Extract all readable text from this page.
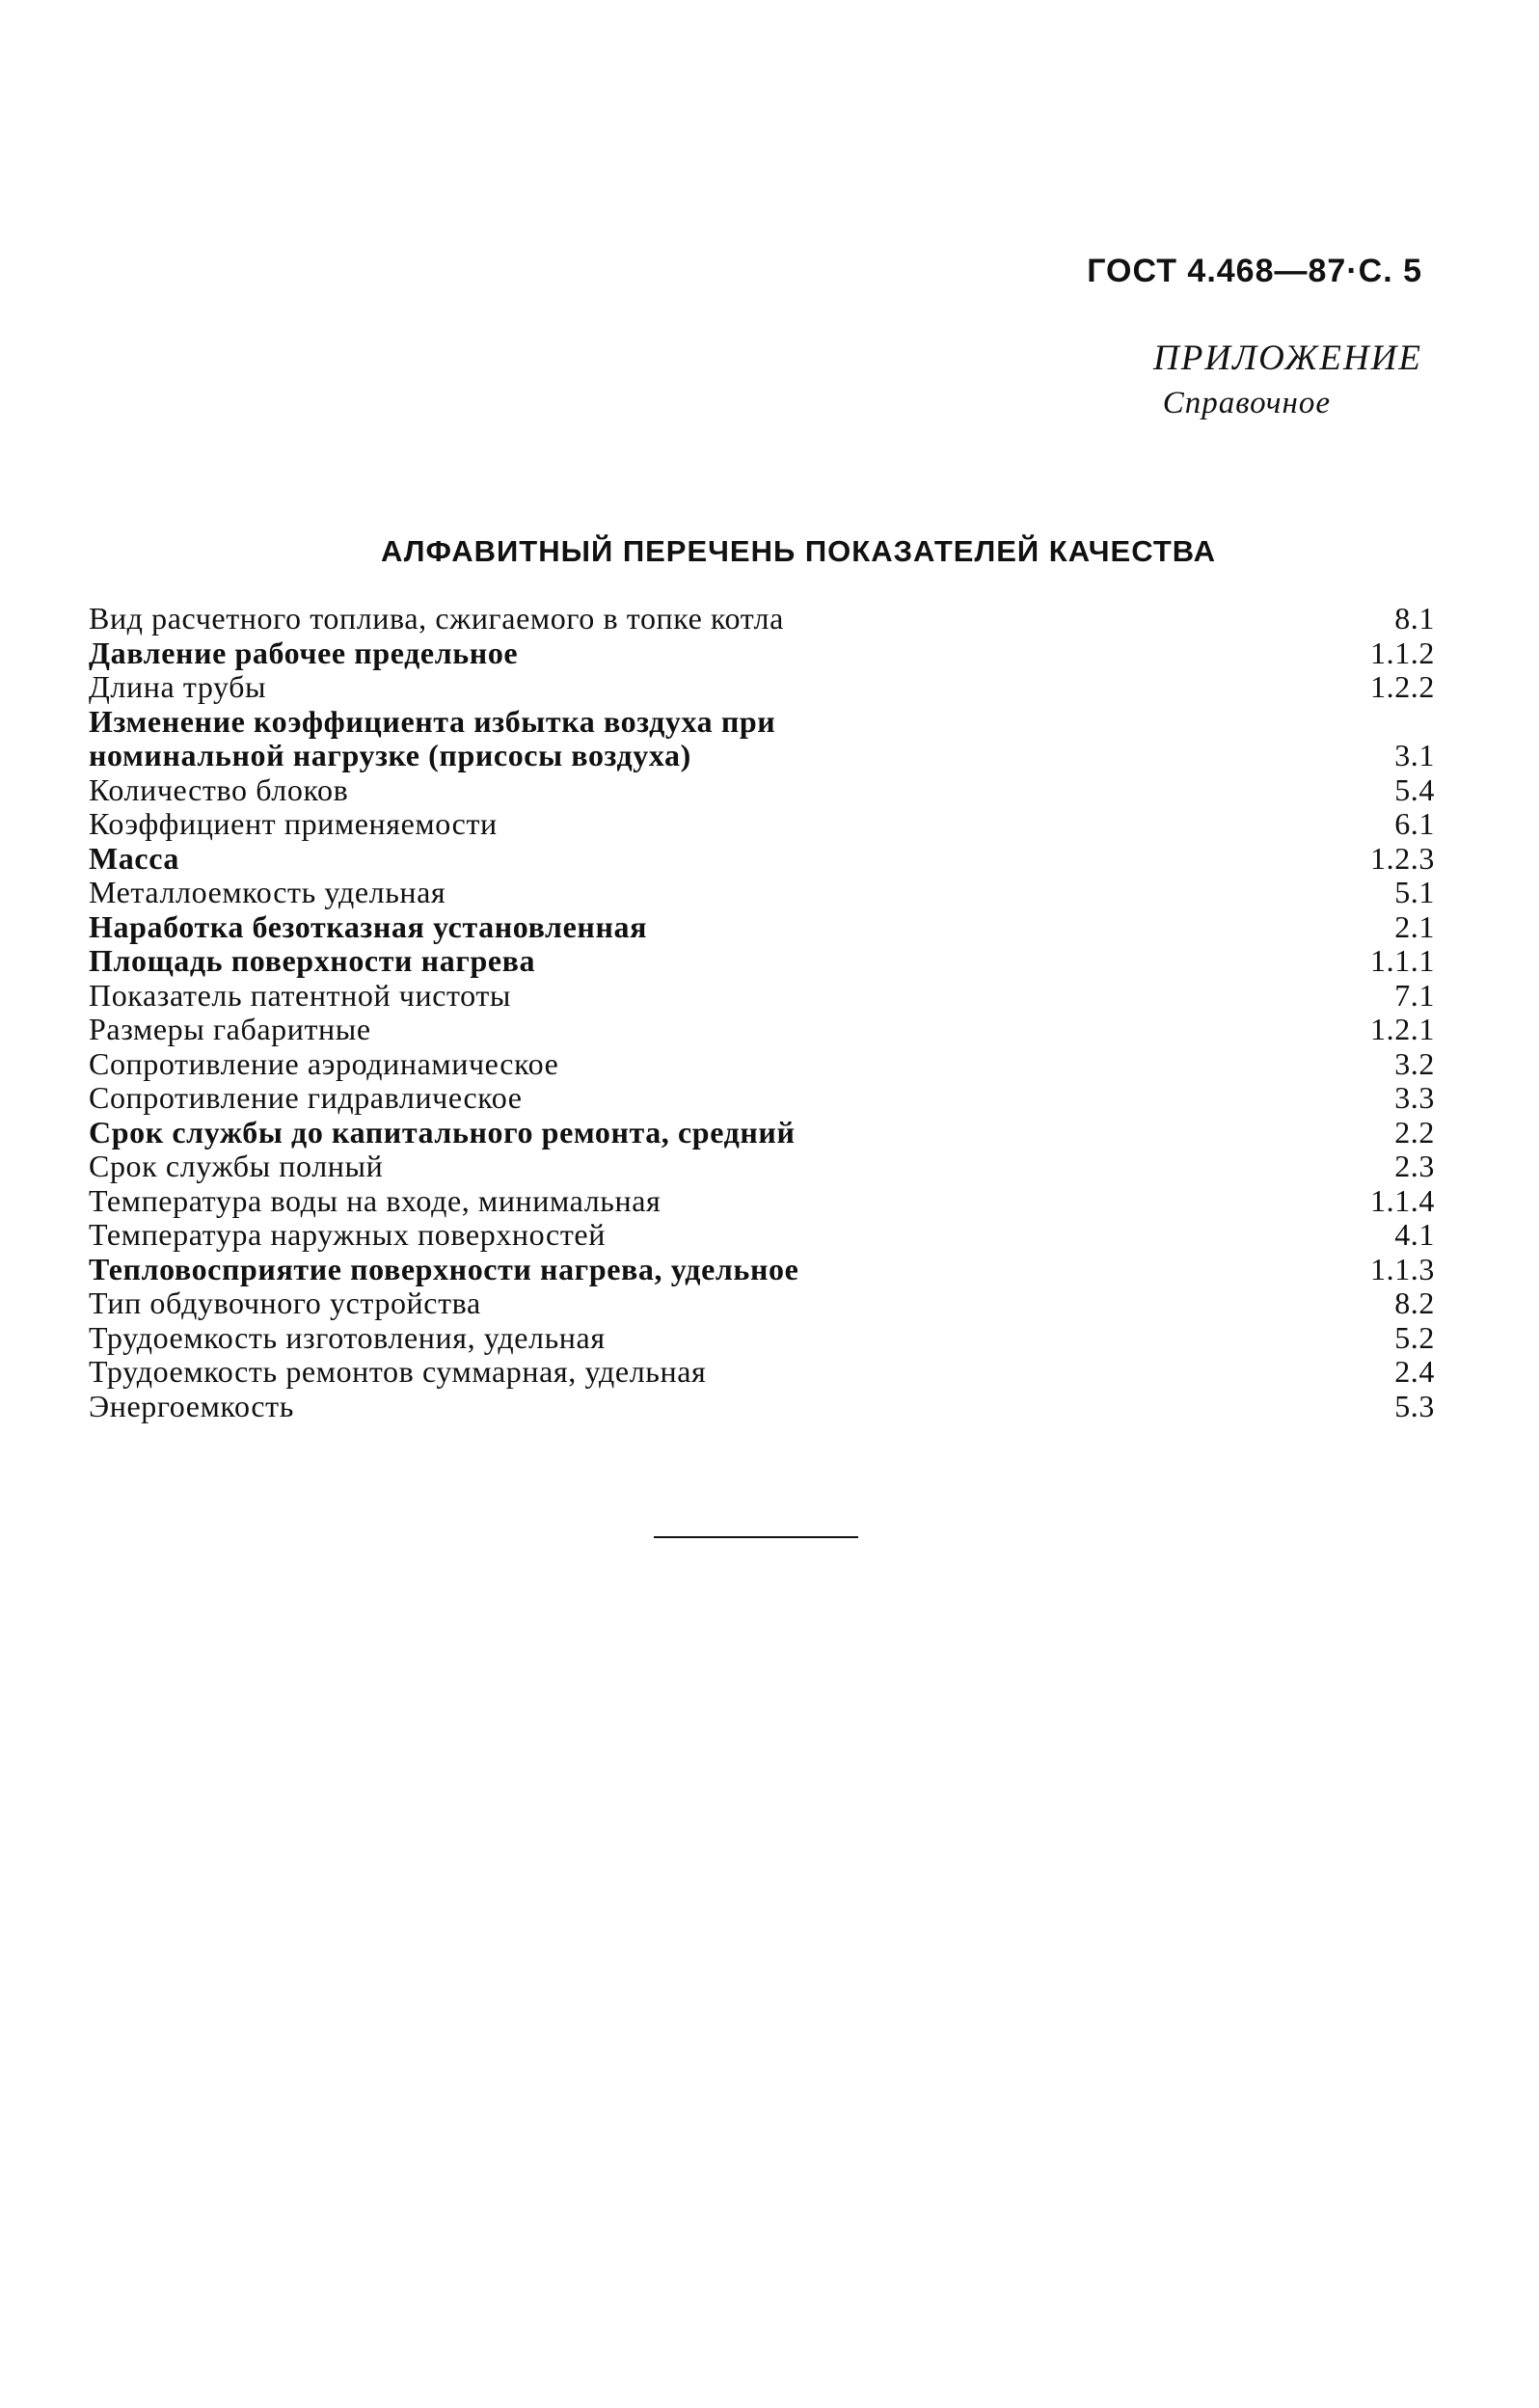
ГОСТ 4.468—87·С. 5
ПРИЛОЖЕНИЕ
Справочное
АЛФАВИТНЫЙ ПЕРЕЧЕНЬ ПОКАЗАТЕЛЕЙ КАЧЕСТВА
Вид расчетного топлива, сжигаемого в топке котла	8.1
Давление рабочее предельное	1.1.2
Длина трубы	1.2.2
Изменение коэффициента избытка воздуха при
номинальной нагрузке (присосы воздуха)	3.1
Количество блоков	5.4
Коэффициент применяемости	6.1
Масса	1.2.3
Металлоемкость удельная	5.1
Наработка безотказная установленная	2.1
Площадь поверхности нагрева	1.1.1
Показатель патентной чистоты	7.1
Размеры габаритные	1.2.1
Сопротивление аэродинамическое	3.2
Сопротивление гидравлическое	3.3
Срок службы до капитального ремонта, средний	2.2
Срок службы полный	2.3
Температура воды на входе, минимальная	1.1.4
Температура наружных поверхностей	4.1
Тепловосприятие поверхности нагрева, удельное	1.1.3
Тип обдувочного устройства	8.2
Трудоемкость изготовления, удельная	5.2
Трудоемкость ремонтов суммарная, удельная	2.4
Энергоемкость	5.3
